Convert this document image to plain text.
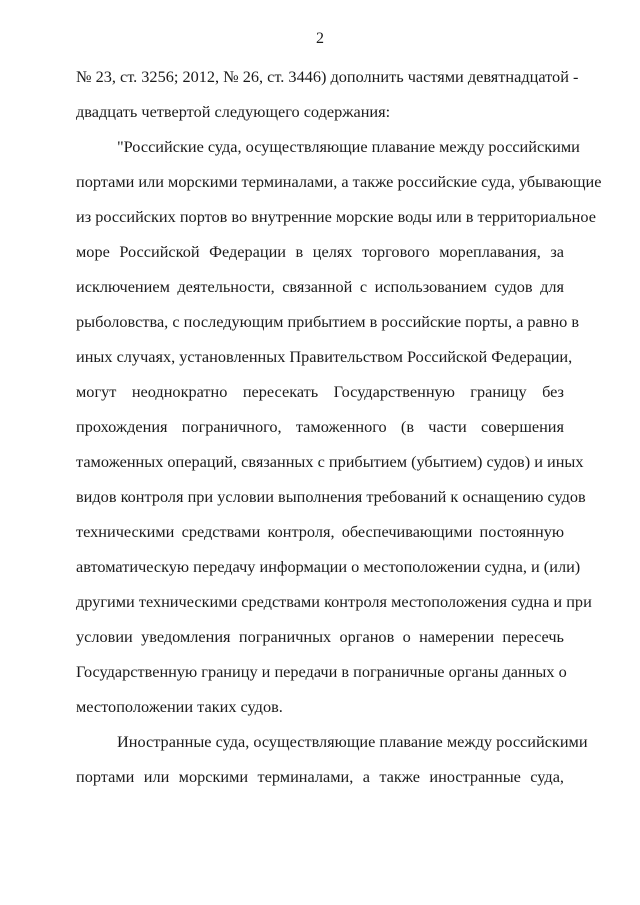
2
№ 23, ст. 3256; 2012, № 26, ст. 3446) дополнить частями девятнадцатой -
двадцать четвертой следующего содержания:
"Российские суда, осуществляющие плавание между российскими
портами или морскими терминалами, а также российские суда, убывающие
из российских портов во внутренние морские воды или в территориальное
море Российской Федерации в целях торгового мореплавания, за
исключением деятельности, связанной с использованием судов для
рыболовства, с последующим прибытием в российские порты, а равно в
иных случаях, установленных Правительством Российской Федерации,
могут неоднократно пересекать Государственную границу без
прохождения пограничного, таможенного (в части совершения
таможенных операций, связанных с прибытием (убытием) судов) и иных
видов контроля при условии выполнения требований к оснащению судов
техническими средствами контроля, обеспечивающими постоянную
автоматическую передачу информации о местоположении судна, и (или)
другими техническими средствами контроля местоположения судна и при
условии уведомления пограничных органов о намерении пересечь
Государственную границу и передачи в пограничные органы данных о
местоположении таких судов.
Иностранные суда, осуществляющие плавание между российскими
портами или морскими терминалами, а также иностранные суда,
